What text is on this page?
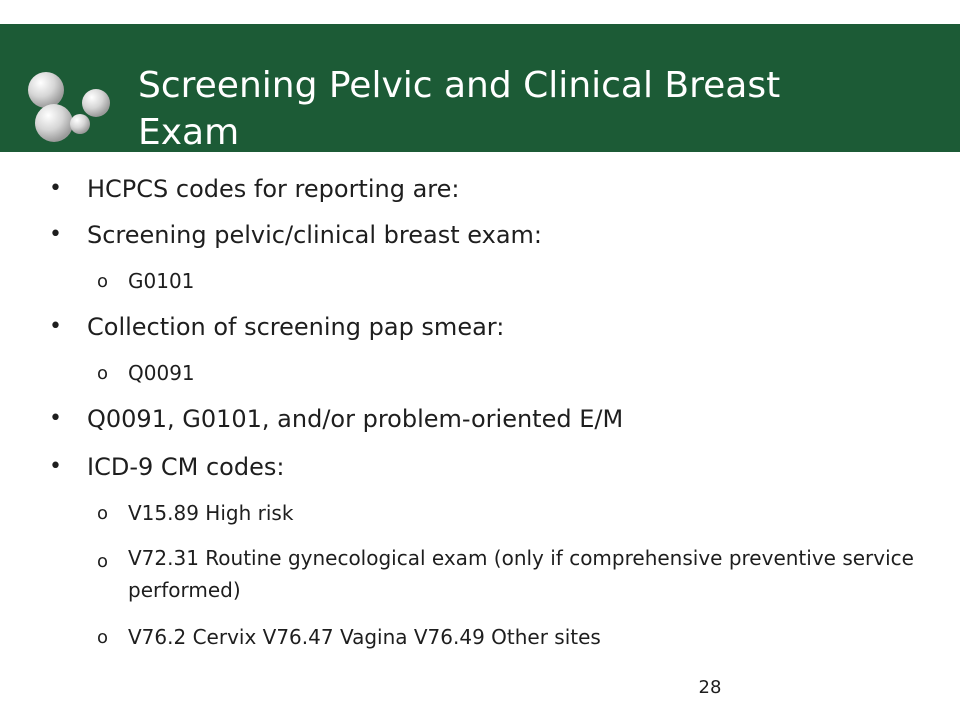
Screening Pelvic and Clinical Breast
Exam
• HCPCS codes for reporting are:
• Screening pelvic/clinical breast exam:
o G0101
• Collection of screening pap smear:
o Q0091
• Q0091, G0101, and/or problem-oriented E/M
• ICD-9 CM codes:
o V15.89 High risk
o V72.31 Routine gynecological exam (only if comprehensive preventive service performed)
o V76.2 Cervix V76.47 Vagina V76.49 Other sites
28
